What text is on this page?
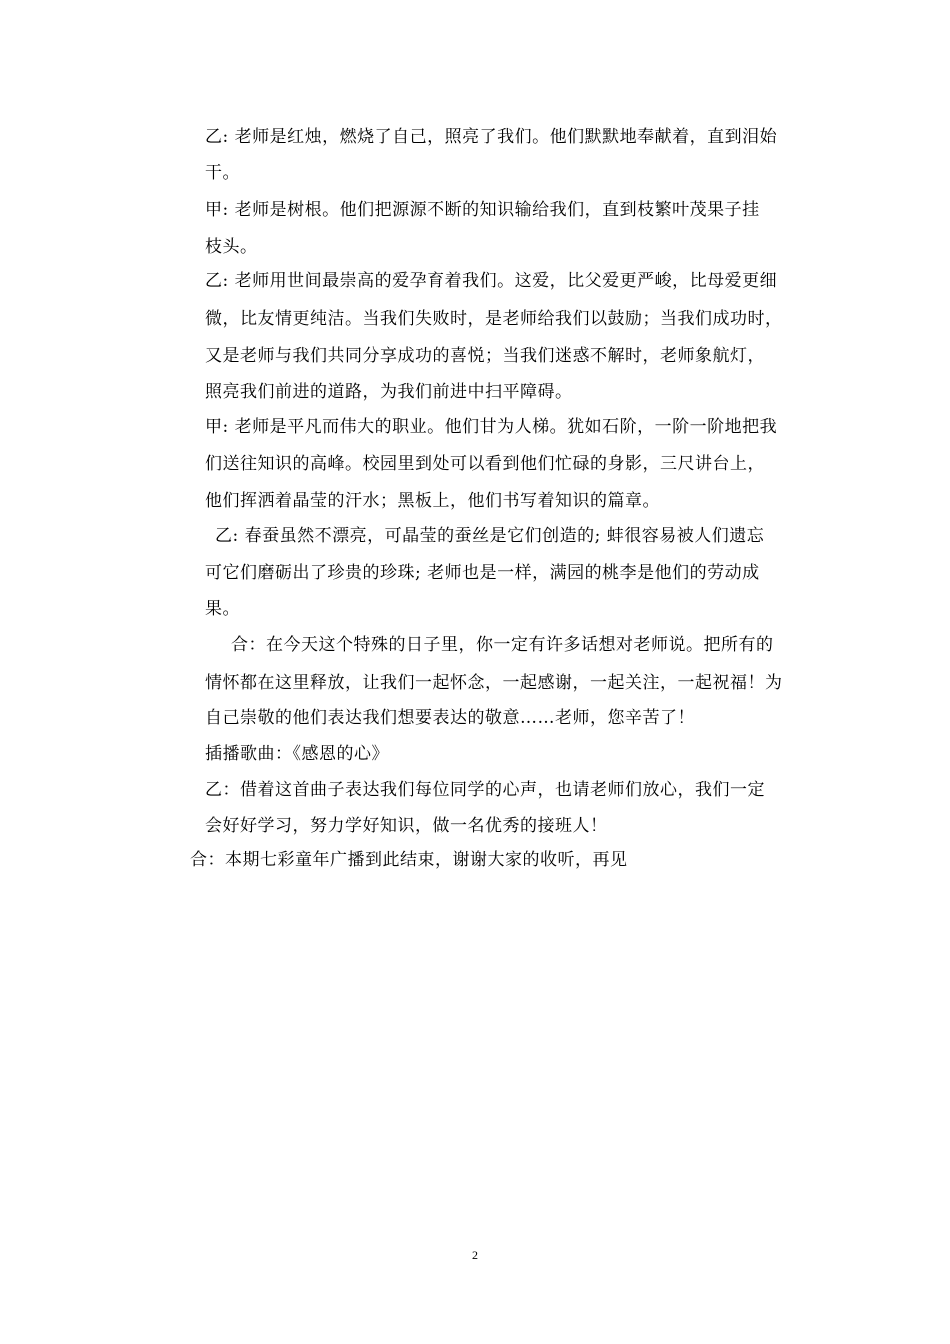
乙: 老师是红烛，燃烧了自己，照亮了我们。他们默默地奉献着，直到泪始
干。
甲: 老师是树根。他们把源源不断的知识输给我们，直到枝繁叶茂果子挂
枝头。
乙: 老师用世间最崇高的爱孕育着我们。这爱，比父爱更严峻，比母爱更细
微，比友情更纯洁。当我们失败时，是老师给我们以鼓励；当我们成功时，
又是老师与我们共同分享成功的喜悦；当我们迷惑不解时，老师象航灯，
照亮我们前进的道路，为我们前进中扫平障碍。
甲: 老师是平凡而伟大的职业。他们甘为人梯。犹如石阶，一阶一阶地把我
们送往知识的高峰。校园里到处可以看到他们忙碌的身影，三尺讲台上，
他们挥洒着晶莹的汗水；黑板上，他们书写着知识的篇章。
乙: 春蚕虽然不漂亮，可晶莹的蚕丝是它们创造的; 蚌很容易被人们遗忘
可它们磨砺出了珍贵的珍珠; 老师也是一样，满园的桃李是他们的劳动成
果。
合：在今天这个特殊的日子里，你一定有许多话想对老师说。把所有的
情怀都在这里释放，让我们一起怀念，一起感谢，一起关注，一起祝福！为
自己崇敬的他们表达我们想要表达的敬意……老师，您辛苦了！
插播歌曲：《感恩的心》
乙：借着这首曲子表达我们每位同学的心声，也请老师们放心，我们一定
会好好学习，努力学好知识，做一名优秀的接班人！
合：本期七彩童年广播到此结束，谢谢大家的收听，再见
2
